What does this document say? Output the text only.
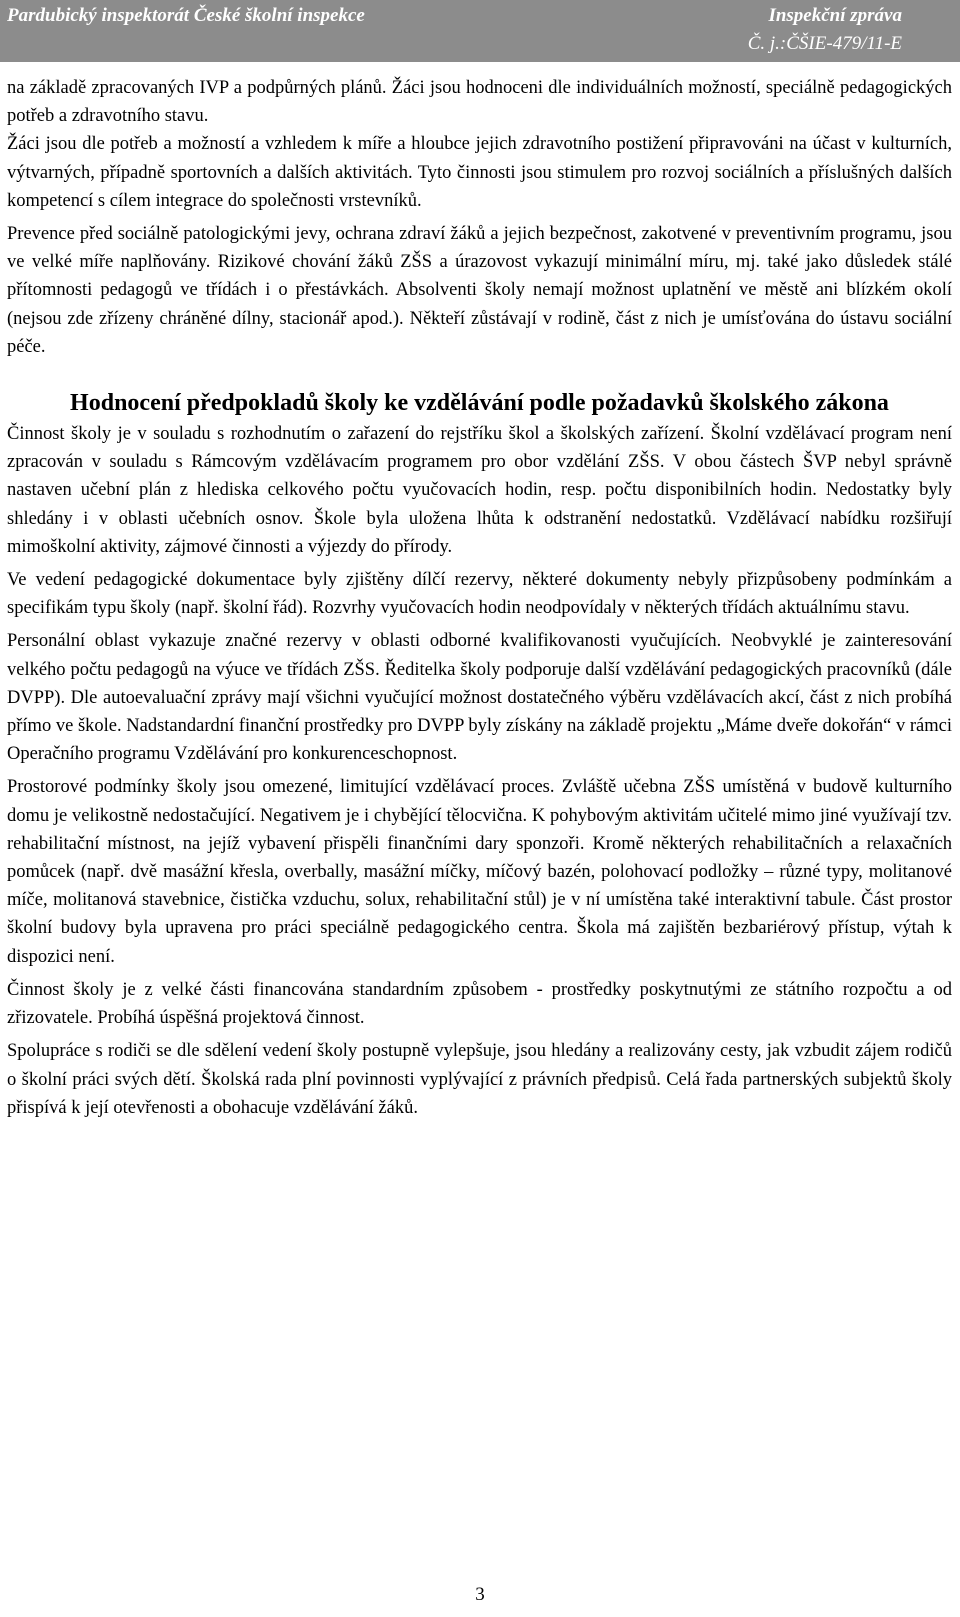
Pardubický inspektorát České školní inspekce	Inspekční zpráva
Č. j.:ČŠIE-479/11-E

na základě zpracovaných IVP a podpůrných plánů. Žáci jsou hodnoceni dle individuálních možností, speciálně pedagogických potřeb a zdravotního stavu.

Žáci jsou dle potřeb a možností a vzhledem k míře a hloubce jejich zdravotního postižení připravováni na účast v kulturních, výtvarných, případně sportovních a dalších aktivitách. Tyto činnosti jsou stimulem pro rozvoj sociálních a příslušných dalších kompetencí s cílem integrace do společnosti vrstevníků.

Prevence před sociálně patologickými jevy, ochrana zdraví žáků a jejich bezpečnost, zakotvené v preventivním programu, jsou ve velké míře naplňovány. Rizikové chování žáků ZŠS a úrazovost vykazují minimální míru, mj. také jako důsledek stálé přítomnosti pedagogů ve třídách i o přestávkách. Absolventi školy nemají možnost uplatnění ve městě ani blízkém okolí (nejsou zde zřízeny chráněné dílny, stacionář apod.). Někteří zůstávají v rodině, část z nich je umísťována do ústavu sociální péče.

Hodnocení předpokladů školy ke vzdělávání podle požadavků školského zákona

Činnost školy je v souladu s rozhodnutím o zařazení do rejstříku škol a školských zařízení. Školní vzdělávací program není zpracován v souladu s Rámcovým vzdělávacím programem pro obor vzdělání ZŠS. V obou částech ŠVP nebyl správně nastaven učební plán z hlediska celkového počtu vyučovacích hodin, resp. počtu disponibilních hodin. Nedostatky byly shledány i v oblasti učebních osnov. Škole byla uložena lhůta k odstranění nedostatků. Vzdělávací nabídku rozšiřují mimoškolní aktivity, zájmové činnosti a výjezdy do přírody.

Ve vedení pedagogické dokumentace byly zjištěny dílčí rezervy, některé dokumenty nebyly přizpůsobeny podmínkám a specifikám typu školy (např. školní řád). Rozvrhy vyučovacích hodin neodpovídaly v některých třídách aktuálnímu stavu.

Personální oblast vykazuje značné rezervy v oblasti odborné kvalifikovanosti vyučujících. Neobvyklé je zainteresování velkého počtu pedagogů na výuce ve třídách ZŠS. Ředitelka školy podporuje další vzdělávání pedagogických pracovníků (dále DVPP). Dle autoevaluační zprávy mají všichni vyučující možnost dostatečného výběru vzdělávacích akcí, část z nich probíhá přímo ve škole. Nadstandardní finanční prostředky pro DVPP byly získány na základě projektu „Máme dveře dokořán“ v rámci Operačního programu Vzdělávání pro konkurenceschopnost.

Prostorové podmínky školy jsou omezené, limitující vzdělávací proces. Zvláště učebna ZŠS umístěná v budově kulturního domu je velikostně nedostačující. Negativem je i chybějící tělocvična. K pohybovým aktivitám učitelé mimo jiné využívají tzv. rehabilitační místnost, na jejíž vybavení přispěli finančními dary sponzoři. Kromě některých rehabilitačních a relaxačních pomůcek (např. dvě masážní křesla, overbally, masážní míčky, míčový bazén, polohovací podložky – různé typy, molitanové míče, molitanová stavebnice, čistička vzduchu, solux, rehabilitační stůl) je v ní umístěna také interaktivní tabule. Část prostor školní budovy byla upravena pro práci speciálně pedagogického centra. Škola má zajištěn bezbariérový přístup, výtah k dispozici není.

Činnost školy je z velké části financována standardním způsobem - prostředky poskytnutými ze státního rozpočtu a od zřizovatele. Probíhá úspěšná projektová činnost.

Spolupráce s rodiči se dle sdělení vedení školy postupně vylepšuje, jsou hledány a realizovány cesty, jak vzbudit zájem rodičů o školní práci svých dětí. Školská rada plní povinnosti vyplývající z právních předpisů. Celá řada partnerských subjektů školy přispívá k její otevřenosti a obohacuje vzdělávání žáků.

3
